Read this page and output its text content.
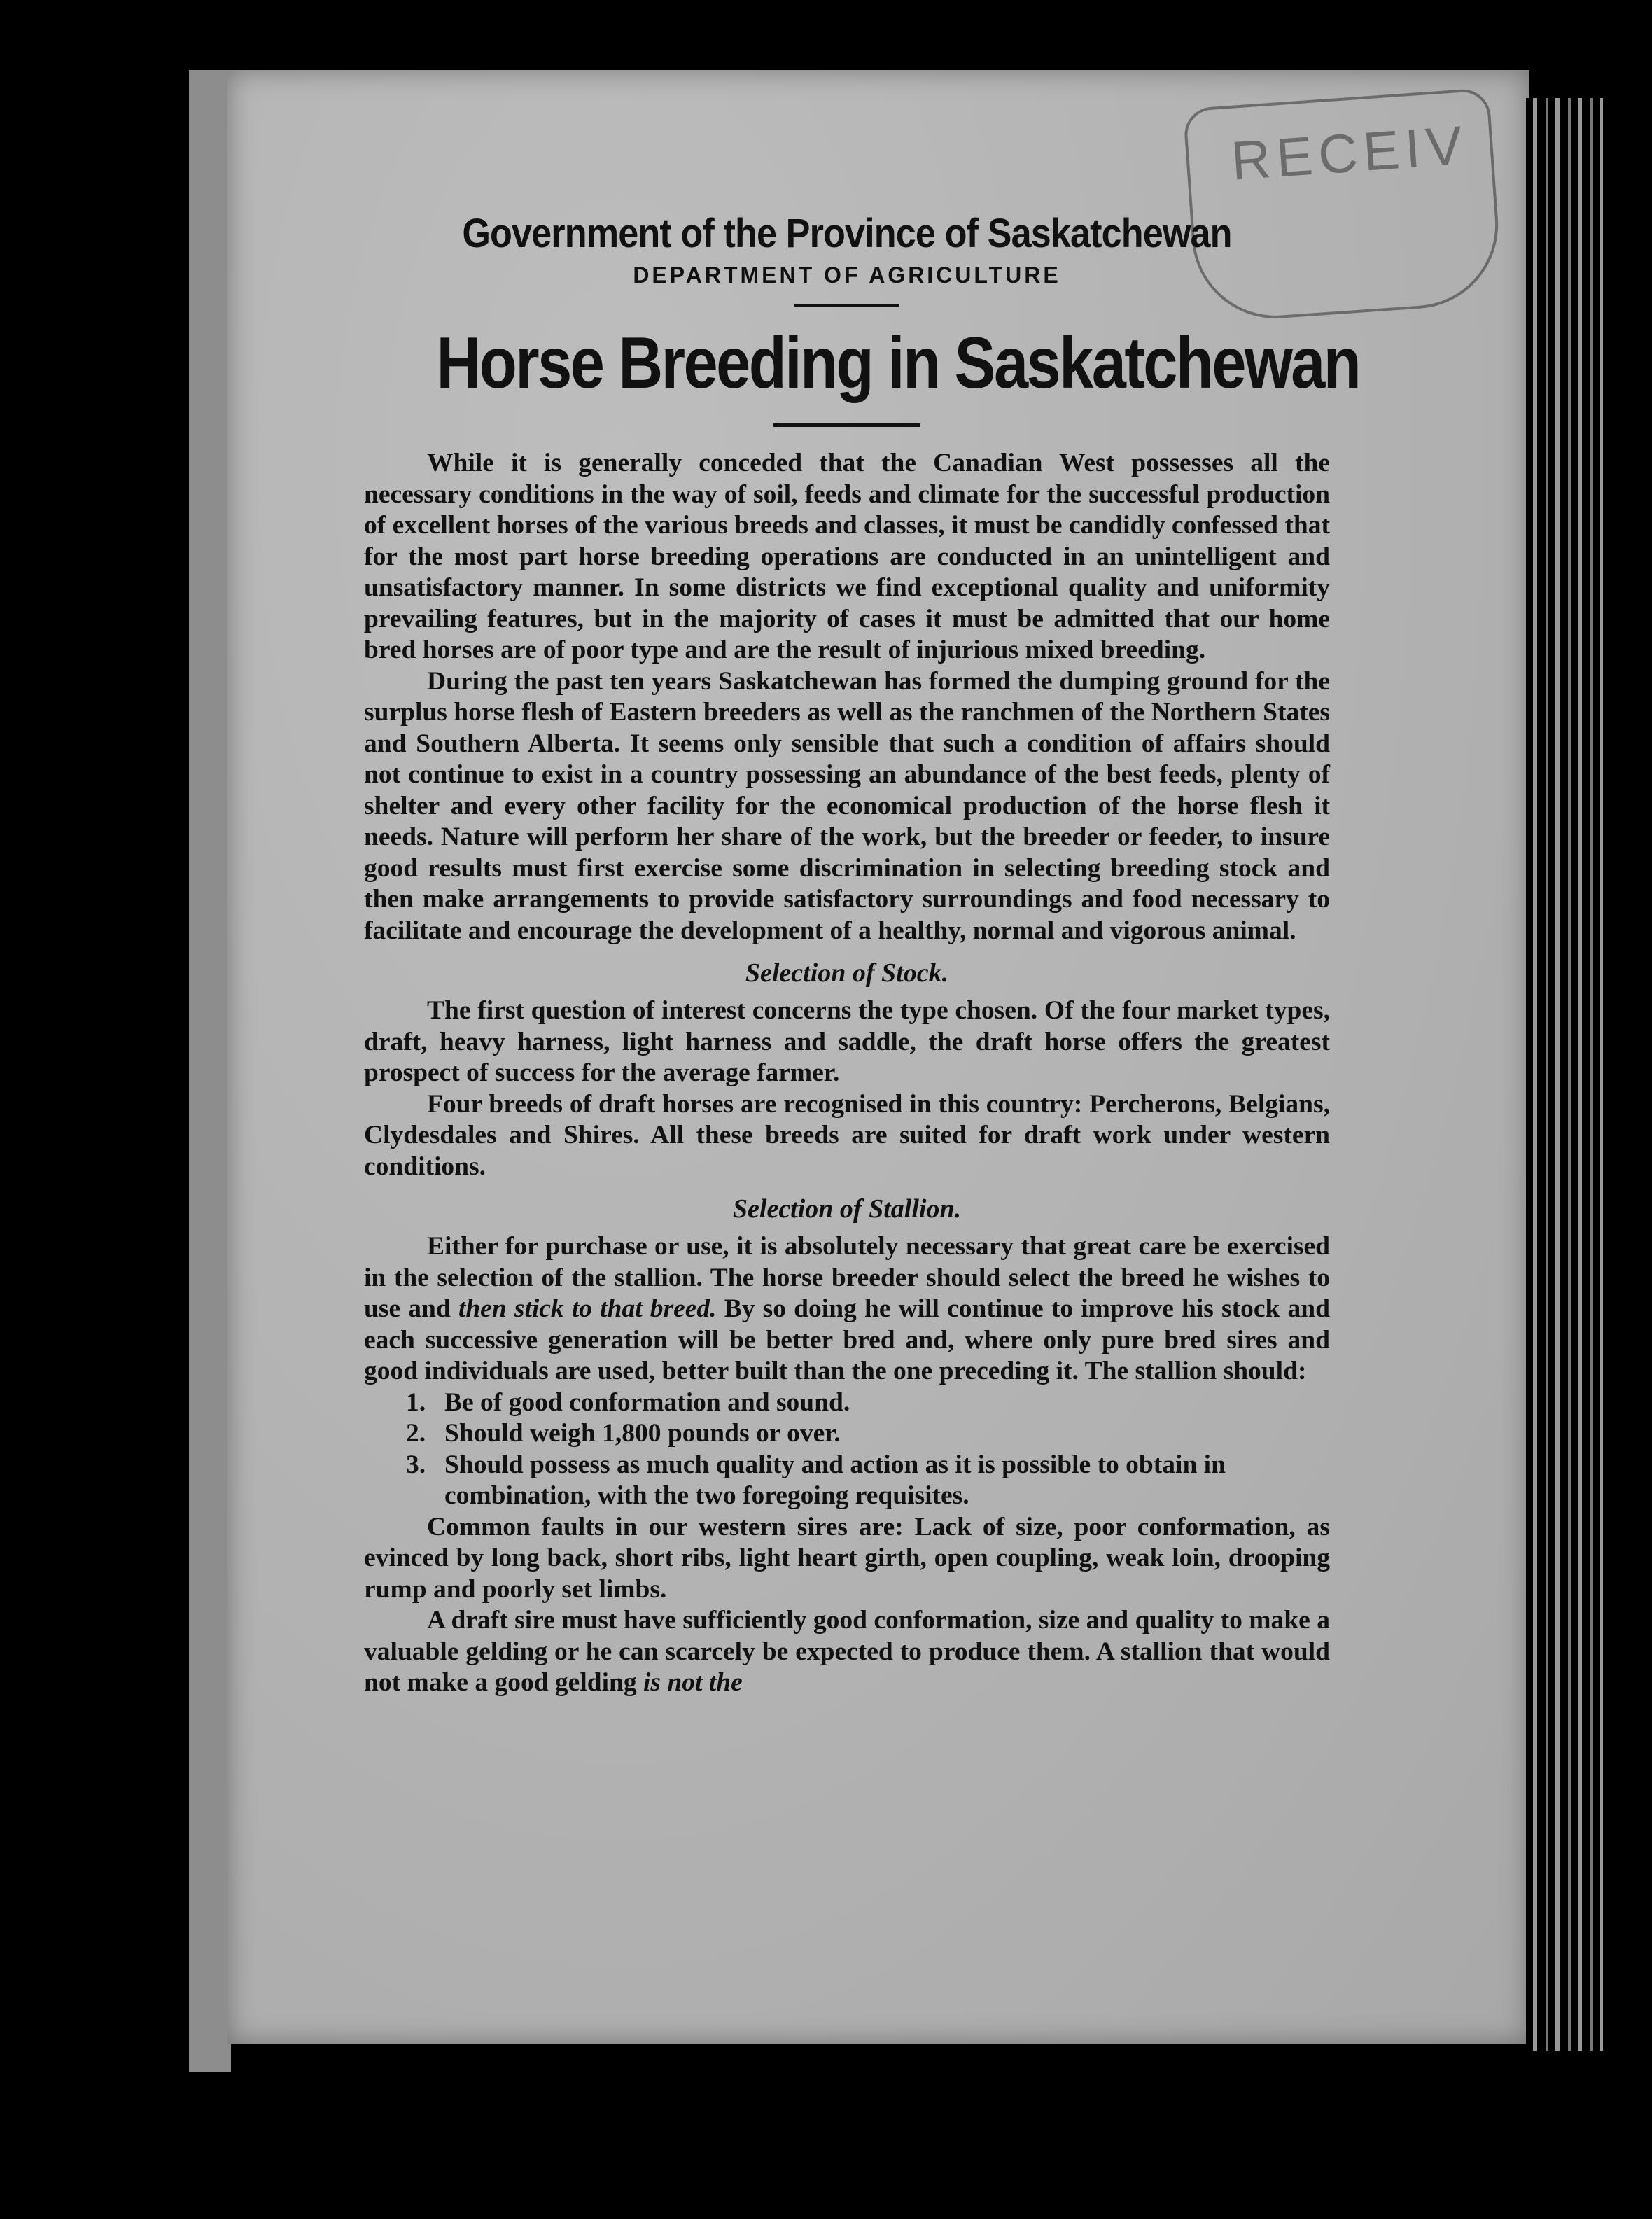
RECEIV
Government of the Province of Saskatchewan
DEPARTMENT OF AGRICULTURE
Horse Breeding in Saskatchewan

While it is generally conceded that the Canadian West possesses all the necessary conditions in the way of soil, feeds and climate for the successful production of excellent horses of the various breeds and classes, it must be candidly confessed that for the most part horse breeding operations are conducted in an unintelligent and unsatisfactory manner. In some districts we find exceptional quality and uniformity prevailing features, but in the majority of cases it must be admitted that our home bred horses are of poor type and are the result of injurious mixed breeding.

During the past ten years Saskatchewan has formed the dumping ground for the surplus horse flesh of Eastern breeders as well as the ranchmen of the Northern States and Southern Alberta. It seems only sensible that such a condition of affairs should not continue to exist in a country possessing an abundance of the best feeds, plenty of shelter and every other facility for the economical production of the horse flesh it needs. Nature will perform her share of the work, but the breeder or feeder, to insure good results must first exercise some discrimination in selecting breeding stock and then make arrangements to provide satisfactory surroundings and food necessary to facilitate and encourage the development of a healthy, normal and vigorous animal.

Selection of Stock.

The first question of interest concerns the type chosen. Of the four market types, draft, heavy harness, light harness and saddle, the draft horse offers the greatest prospect of success for the average farmer.

Four breeds of draft horses are recognised in this country: Percherons, Belgians, Clydesdales and Shires. All these breeds are suited for draft work under western conditions.

Selection of Stallion.

Either for purchase or use, it is absolutely necessary that great care be exercised in the selection of the stallion. The horse breeder should select the breed he wishes to use and then stick to that breed. By so doing he will continue to improve his stock and each successive generation will be better bred and, where only pure bred sires and good individuals are used, better built than the one preceding it. The stallion should:

1. Be of good conformation and sound.
2. Should weigh 1,800 pounds or over.
3. Should possess as much quality and action as it is possible to obtain in combination, with the two foregoing requisites.

Common faults in our western sires are: Lack of size, poor conformation, as evinced by long back, short ribs, light heart girth, open coupling, weak loin, drooping rump and poorly set limbs.

A draft sire must have sufficiently good conformation, size and quality to make a valuable gelding or he can scarcely be expected to produce them. A stallion that would not make a good gelding is not the
